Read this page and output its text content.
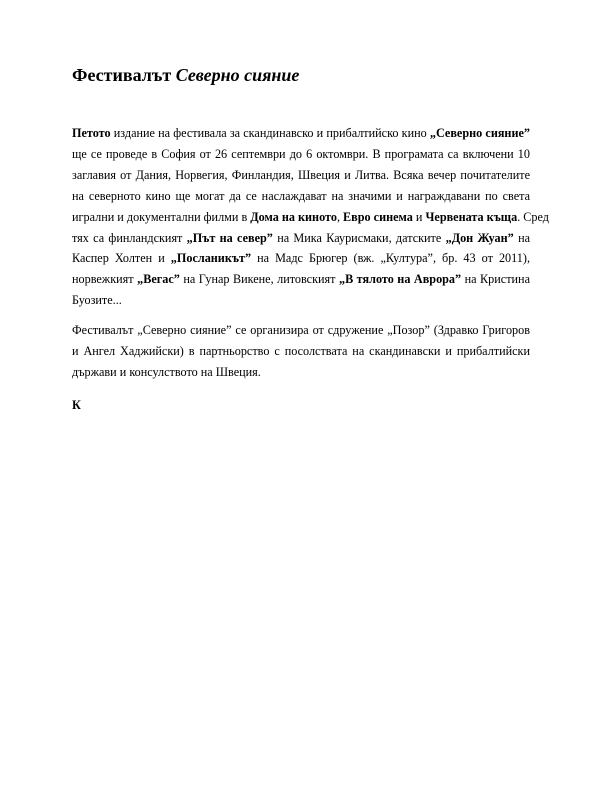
Фестивалът Северно сияние

Петото издание на фестивала за скандинавско и прибалтийско кино „Северно сияние”
ще се проведе в София от 26 септември до 6 октомври. В програмата са включени 10
заглавия от Дания, Норвегия, Финландия, Швеция и Литва. Всяка вечер почитателите
на северното кино ще могат да се наслаждават на значими и награждавани по света
игрални и документални филми в Дома на киното, Евро синема и Червената къща. Сред
тях са финландският „Път на север” на Мика Каурисмаки, датските „Дон Жуан” на
Каспер Холтен и „Посланикът” на Мадс Брюгер (вж. „Култура”, бр. 43 от 2011),
норвежкият „Вегас” на Гунар Викене, литовският „В тялото на Аврора” на Кристина
Буозите...

Фестивалът „Северно сияние” се организира от сдружение „Позор” (Здравко Григоров
и Ангел Хаджийски) в партньорство с посолствата на скандинавски и прибалтийски
държави и консулството на Швеция.

К
